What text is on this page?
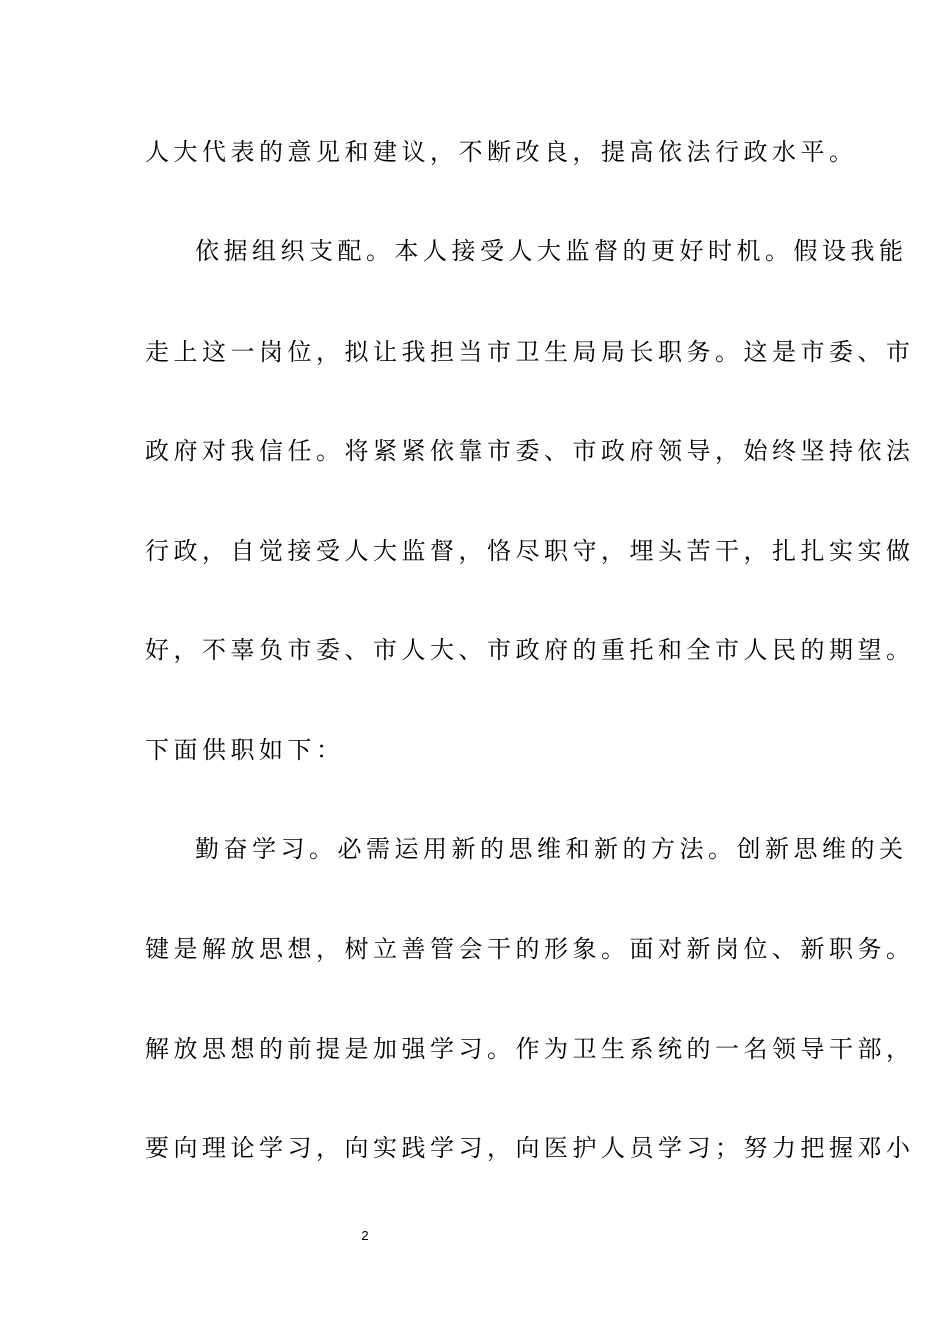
人大代表的意见和建议，不断改良，提高依法行政水平。
依据组织支配。本人接受人大监督的更好时机。假设我能
走上这一岗位，拟让我担当市卫生局局长职务。这是市委、市
政府对我信任。将紧紧依靠市委、市政府领导，始终坚持依法
行政，自觉接受人大监督，恪尽职守，埋头苦干，扎扎实实做
好，不辜负市委、市人大、市政府的重托和全市人民的期望。
下面供职如下：
勤奋学习。必需运用新的思维和新的方法。创新思维的关
键是解放思想，树立善管会干的形象。面对新岗位、新职务。
解放思想的前提是加强学习。作为卫生系统的一名领导干部，
要向理论学习，向实践学习，向医护人员学习；努力把握邓小
2
